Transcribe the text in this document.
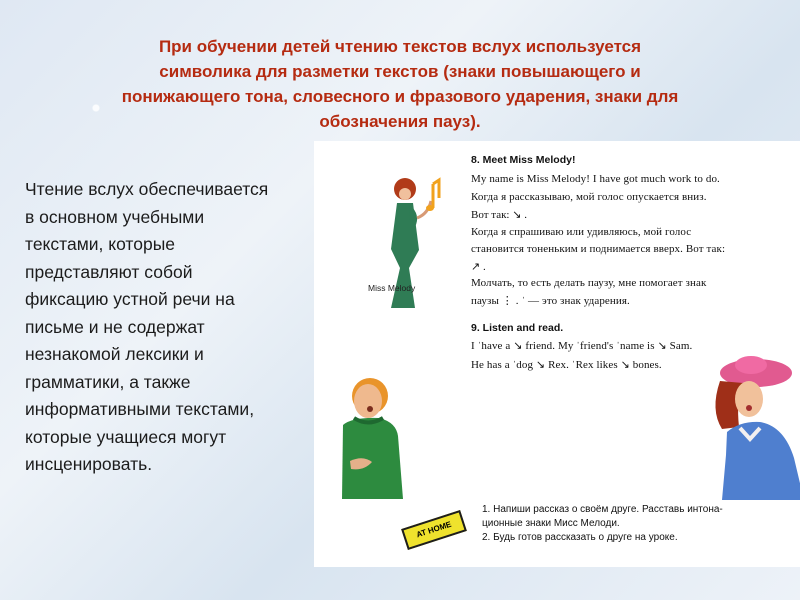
При обучении детей чтению текстов вслух используется
символика для разметки текстов (знаки повышающего и
понижающего тона, словесного и фразового ударения, знаки для
обозначения пауз).

Чтение вслух обеспечивается
в основном учебными
текстами, которые
представляют собой
фиксацию устной речи на
письме и не содержат
незнакомой лексики и
грамматики, а также
информативными текстами,
которые учащиеся могут
инсценировать.

Miss Melody
8. Meet Miss Melody!
My name is Miss Melody! I have got much work to do.
Когда я рассказываю, мой голос опускается вниз.
Вот так: ↘ .
Когда я спрашиваю или удивляюсь, мой голос
становится тоненьким и поднимается вверх. Вот так:
↗ .
Молчать, то есть делать паузу, мне помогает знак
паузы ⋮ . ˈ — это знак ударения.
9. Listen and read.
I ˈhave a ↘ friend. My ˈfriend's ˈname is ↘ Sam.
He has a ˈdog ↘ Rex. ˈRex likes ↘ bones.
AT HOME
1. Напиши рассказ о своём друге. Расставь интона-
ционные знаки Мисс Мелоди.
2. Будь готов рассказать о друге на уроке.
